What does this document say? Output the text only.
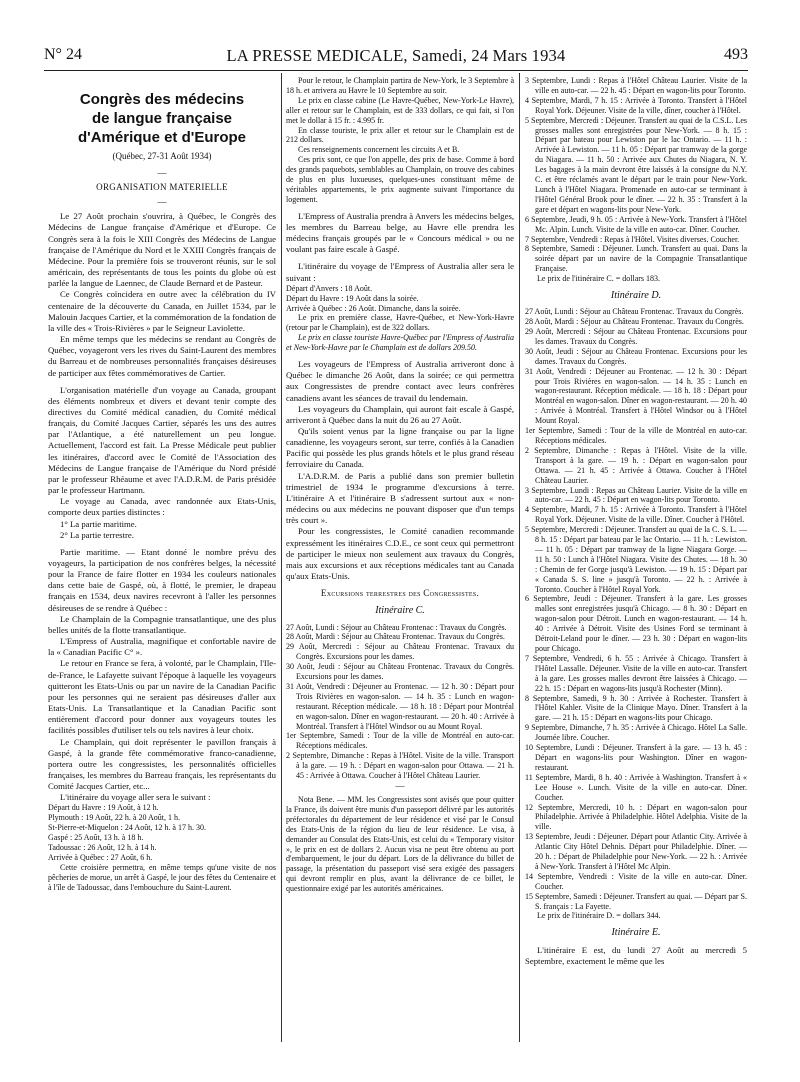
N° 24	LA PRESSE MEDICALE, Samedi, 24 Mars 1934	493
Congrès des médecins
de langue française
d'Amérique et d'Europe
(Québec, 27-31 Août 1934)
—
ORGANISATION MATERIELLE
—

Le 27 Août prochain s'ouvrira, à Québec, le Congrès des Médecins de Langue française d'Amérique et d'Europe. Ce Congrès sera à la fois le XIII Congrès des Médecins de Langue française de l'Amérique du Nord et le XXIII Congrès français de Médecine. Pour la première fois se trouveront réunis, sur le sol américain, des représentants de tous les points du globe où est parlée la langue de Laennec, de Claude Bernard et de Pasteur.

Ce Congrès coïncidera en outre avec la célébration du IV centenaire de la découverte du Canada, en Juillet 1534, par le Malouin Jacques Cartier, et la commémoration de la fondation de la ville des « Trois-Rivières » par le Seigneur Laviolette.

En même temps que les médecins se rendant au Congrès de Québec, voyageront vers les rives du Saint-Laurent des membres du Barreau et de nombreuses personnalités françaises désireuses de participer aux fêtes commémoratives de Cartier.

L'organisation matérielle d'un voyage au Canada, groupant des éléments nombreux et divers et devant tenir compte des directives du Comité médical canadien, du Comité médical français, du Comité Jacques Cartier, séparés les uns des autres par l'Atlantique, a été naturellement un peu longue. Actuellement, l'accord est fait. La Presse Médicale peut publier les itinéraires, d'accord avec le Comité de l'Association des Médecins de Langue française de l'Amérique du Nord présidé par le professeur Rhéaume et avec l'A.D.R.M. de Paris présidée par le professeur Hartmann.

Le voyage au Canada, avec randonnée aux Etats-Unis, comporte deux parties distinctes :

1° La partie maritime.

2° La partie terrestre.

Partie maritime. — Etant donné le nombre prévu des voyageurs, la participation de nos confrères belges, la nécessité pour la France de faire flotter en 1934 les couleurs nationales dans cette baie de Gaspé, où, à flotté, le premier, le drapeau français en 1534, deux navires recevront à l'aller les personnes désireuses de se rendre à Québec :

Le Champlain de la Compagnie transatlantique, une des plus belles unités de la flotte transatlantique.

L'Empress of Australia, magnifique et confortable navire de la « Canadian Pacific C° ».

Le retour en France se fera, à volonté, par le Champlain, l'Ile-de-France, le Lafayette suivant l'époque à laquelle les voyageurs quitteront les Etats-Unis ou par un navire de la Canadian Pacific pour les personnes qui ne seraient pas désireuses d'aller aux Etats-Unis. La Transatlantique et la Canadian Pacific sont entièrement d'accord pour donner aux voyageurs toutes les facilités possibles d'utiliser tels ou tels navires à leur choix.

Le Champlain, qui doit représenter le pavillon français à Gaspé, à la grande fête commémorative franco-canadienne, portera outre les congressistes, les personnalités officielles françaises, les membres du Barreau français, les représentants du Comité Jacques Cartier, etc...

L'itinéraire du voyage aller sera le suivant :

Départ du Havre : 19 Août, à 12 h.

Plymouth : 19 Août, 22 h. à 20 Août, 1 h.

St-Pierre-et-Miquelon : 24 Août, 12 h. à 17 h. 30.

Gaspé : 25 Août, 13 h. à 18 h.

Tadoussac : 26 Août, 12 h. à 14 h.

Arrivée à Québec : 27 Août, 6 h.

Cette croisière permettra, en même temps qu'une visite de nos pêcheries de morue, un arrêt à Gaspé, le jour des fêtes du Centenaire et à l'île de Tadoussac, dans l'embouchure du Saint-Laurent.

Pour le retour, le Champlain partira de New-York, le 3 Septembre à 18 h. et arrivera au Havre le 10 Septembre au soir.

Le prix en classe cabine (Le Havre-Québec, New-York-Le Havre), aller et retour sur le Champlain, est de 333 dollars, ce qui fait, si l'on met le dollar à 15 fr. : 4.995 fr.

En classe touriste, le prix aller et retour sur le Champlain est de 212 dollars.

Ces renseignements concernent les circuits A et B.

Ces prix sont, ce que l'on appelle, des prix de base. Comme à bord des grands paquebots, semblables au Champlain, on trouve des cabines de plus en plus luxueuses, quelques-unes constituant même de véritables appartements, le prix augmente suivant l'importance du logement.

L'Empress of Australia prendra à Anvers les médecins belges, les membres du Barreau belge, au Havre elle prendra les médecins français groupés par le « Concours médical » ou ne voulant pas faire escale à Gaspé.

L'itinéraire du voyage de l'Empress of Australia aller sera le suivant :

Départ d'Anvers : 18 Août.

Départ du Havre : 19 Août dans la soirée.

Arrivée à Québec : 26 Août. Dimanche, dans la soirée.

Le prix en première classe, Havre-Québec, et New-York-Havre (retour par le Champlain), est de 322 dollars.

Le prix en classe touriste Havre-Québec par l'Empress of Australia et New-York-Havre par le Champlain est de dollars 209.50.

Les voyageurs de l'Empress of Australia arriveront donc à Québec le dimanche 26 Août, dans la soirée; ce qui permettra aux Congressistes de prendre contact avec leurs confrères canadiens avant les séances de travail du lendemain.

Les voyageurs du Champlain, qui auront fait escale à Gaspé, arriveront à Québec dans la nuit du 26 au 27 Août.

Qu'ils soient venus par la ligne française ou par la ligne canadienne, les voyageurs seront, sur terre, confiés à la Canadien Pacific qui possède les plus grands hôtels et le plus grand réseau ferroviaire du Canada.

L'A.D.R.M. de Paris a publié dans son premier bulletin trimestriel de 1934 le programme d'excursions à terre. L'itinéraire A et l'itinéraire B s'adressent surtout aux « non-médecins ou aux médecins ne pouvant disposer que d'un temps très court ».

Pour les congressistes, le Comité canadien recommande expressément les itinéraires C.D.E., ce sont ceux qui permettront de participer le mieux non seulement aux travaux du Congrès, mais aux excursions et aux réceptions médicales tant au Canada qu'aux Etats-Unis.

Excursions terrestres des Congressistes.
Itinéraire C.

27 Août, Lundi : Séjour au Château Frontenac : Travaux du Congrès.

28 Août, Mardi : Séjour au Château Frontenac. Travaux du Congrès.

29 Août, Mercredi : Séjour au Château Frontenac. Travaux du Congrès. Excursions pour les dames.

30 Août, Jeudi : Séjour au Château Frontenac. Travaux du Congrès. Excursions pour les dames.

31 Août, Vendredi : Déjeuner au Frontenac. — 12 h. 30 : Départ pour Trois Rivières en wagon-salon. — 14 h. 35 : Lunch en wagon-restaurant. Réception médicale. — 18 h. 18 : Départ pour Montréal en wagon-salon. Dîner en wagon-restaurant. — 20 h. 40 : Arrivée à Montréal. Transfert à l'Hôtel Windsor ou au Mount Royal.

1er Septembre, Samedi : Tour de la ville de Montréal en auto-car. Réceptions médicales.

2 Septembre, Dimanche : Repas à l'Hôtel. Visite de la ville. Transport à la gare. — 19 h. : Départ en wagon-salon pour Ottawa. — 21 h. 45 : Arrivée à Ottawa. Coucher à l'Hôtel Château Laurier.

—

Nota Bene. — MM. les Congressistes sont avisés que pour quitter la France, ils doivent être munis d'un passeport délivré par les autorités préfectorales du département de leur résidence et visé par le Consul des Etats-Unis de la région du lieu de leur résidence. Le visa, à demander au Consulat des Etats-Unis, est celui du « Temporary visitor », le prix en est de dollars 2. Aucun visa ne peut être obtenu au port d'embarquement, le jour du départ. Lors de la délivrance du billet de passage, la présentation du passeport visé sera exigée des passagers qui devront remplir en plus, avant la délivrance de ce billet, le questionnaire exigé par les autorités américaines.

3 Septembre, Lundi : Repas à l'Hôtel Château Laurier. Visite de la ville en auto-car. — 22 h. 45 : Départ en wagon-lits pour Toronto.

4 Septembre, Mardi, 7 h. 15 : Arrivée à Toronto. Transfert à l'Hôtel Royal York. Déjeuner. Visite de la ville, dîner, coucher à l'Hôtel.

5 Septembre, Mercredi : Déjeuner. Transfert au quai de la C.S.L. Les grosses malles sont enregistrées pour New-York. — 8 h. 15 : Départ par bateau pour Lewiston par le lac Ontario. — 11 h. : Arrivée à Lewiston. — 11 h. 05 : Départ par tramway de la gorge du Niagara. — 11 h. 50 : Arrivée aux Chutes du Niagara, N. Y. Les bagages à la main devront être laissés à la consigne du N.Y. C. et être réclamés avant le départ par le train pour New-York. Lunch à l'Hôtel Niagara. Promenade en auto-car se terminant à l'Hôtel Général Brook pour le dîner. — 22 h. 35 : Transfert à la gare et départ en wagons-lits pour New-York.

6 Septembre, Jeudi, 9 h. 05 : Arrivée à New-York. Transfert à l'Hôtel Mc. Alpin. Lunch. Visite de la ville en auto-car. Dîner. Coucher.

7 Septembre, Vendredi : Repas à l'Hôtel. Visites diverses. Coucher.

8 Septembre, Samedi : Déjeuner. Lunch. Transfert au quai. Dans la soirée départ par un navire de la Compagnie Transatlantique Française.

Le prix de l'itinéraire C. = dollars 183.

Itinéraire D.

27 Août, Lundi : Séjour au Château Frontenac. Travaux du Congrès.

28 Août, Mardi : Séjour au Château Frontenac. Travaux du Congrès.

29 Août, Mercredi : Séjour au Château Frontenac. Excursions pour les dames. Travaux du Congrès.

30 Août, Jeudi : Séjour au Château Frontenac. Excursions pour les dames. Travaux du Congrès.

31 Août, Vendredi : Déjeuner au Frontenac. — 12 h. 30 : Départ pour Trois Rivières en wagon-salon. — 14 h. 35 : Lunch en wagon-restaurant. Réception médicale. — 18 h. 18 : Départ pour Montréal en wagon-salon. Dîner en wagon-restaurant. — 20 h. 40 : Arrivée à Montréal. Transfert à l'Hôtel Windsor ou à l'Hôtel Mount Royal.

1er Septembre, Samedi : Tour de la ville de Montréal en auto-car. Réceptions médicales.

2 Septembre, Dimanche : Repas à l'Hôtel. Visite de la ville. Transport à la gare. — 19 h. : Départ en wagon-salon pour Ottawa. — 21 h. 45 : Arrivée à Ottawa. Coucher à l'Hôtel Château Laurier.

3 Septembre, Lundi : Repas au Château Laurier. Visite de la ville en auto-car. — 22 h. 45 : Départ en wagon-lits pour Toronto.

4 Septembre, Mardi, 7 h. 15 : Arrivée à Toronto. Transfert à l'Hôtel Royal York. Déjeuner. Visite de la ville. Dîner. Coucher à l'Hôtel.

5 Septembre, Mercredi : Déjeuner. Transfert au quai de la C. S. L. — 8 h. 15 : Départ par bateau par le lac Ontario. — 11 h. : Lewiston. — 11 h. 05 : Départ par tramway de la ligne Niagara Gorge. — 11 h. 50 : Lunch à l'Hôtel Niagara. Visite des Chutes. — 18 h. 30 : Chemin de fer Gorge jusqu'à Lewiston. — 19 h. 15 : Départ par « Canada S. S. line » jusqu'à Toronto. — 22 h. : Arrivée à Toronto. Coucher à l'Hôtel Royal York.

6 Septembre, Jeudi : Déjeuner. Transfert à la gare. Les grosses malles sont enregistrées jusqu'à Chicago. — 8 h. 30 : Départ en wagon-salon pour Détroit. Lunch en wagon-restaurant. — 14 h. 40 : Arrivée à Détroit. Visite des Usines Ford se terminant à Détroit-Leland pour le dîner. — 23 h. 30 : Départ en wagon-lits pour Chicago.

7 Septembre, Vendredi, 6 h. 55 : Arrivée à Chicago. Transfert à l'Hôtel Lassalle. Déjeuner. Visite de la ville en auto-car. Transfert à la gare. Les grosses malles devront être laissées à Chicago. — 22 h. 15 : Départ en wagons-lits jusqu'à Rochester (Minn).

8 Septembre, Samedi, 9 h. 30 : Arrivée à Rochester. Transfert à l'Hôtel Kahler. Visite de la Clinique Mayo. Dîner. Transfert à la gare. — 21 h. 15 : Départ en wagons-lits pour Chicago.

9 Septembre, Dimanche, 7 h. 35 : Arrivée à Chicago. Hôtel La Salle. Journée libre. Coucher.

10 Septembre, Lundi : Déjeuner. Transfert à la gare. — 13 h. 45 : Départ en wagons-lits pour Washington. Dîner en wagon-restaurant.

11 Septembre, Mardi, 8 h. 40 : Arrivée à Washington. Transfert à « Lee House ». Lunch. Visite de la ville en auto-car. Dîner. Coucher.

12 Septembre, Mercredi, 10 h. : Départ en wagon-salon pour Philadelphie. Arrivée à Philadelphie. Hôtel Adelphia. Visite de la ville.

13 Septembre, Jeudi : Déjeuner. Départ pour Atlantic City. Arrivée à Atlantic City Hôtel Dehnis. Départ pour Philadelphie. Dîner. — 20 h. : Départ de Philadelphie pour New-York. — 22 h. : Arrivée à New-York. Transfert à l'Hôtel Mc Alpin.

14 Septembre, Vendredi : Visite de la ville en auto-car. Dîner. Coucher.

15 Septembre, Samedi : Déjeuner. Transfert au quai. — Départ par S. S. français : La Fayette.

Le prix de l'itinéraire D. = dollars 344.

Itinéraire E.

L'itinéraire E est, du lundi 27 Août au mercredi 5 Septembre, exactement le même que les
